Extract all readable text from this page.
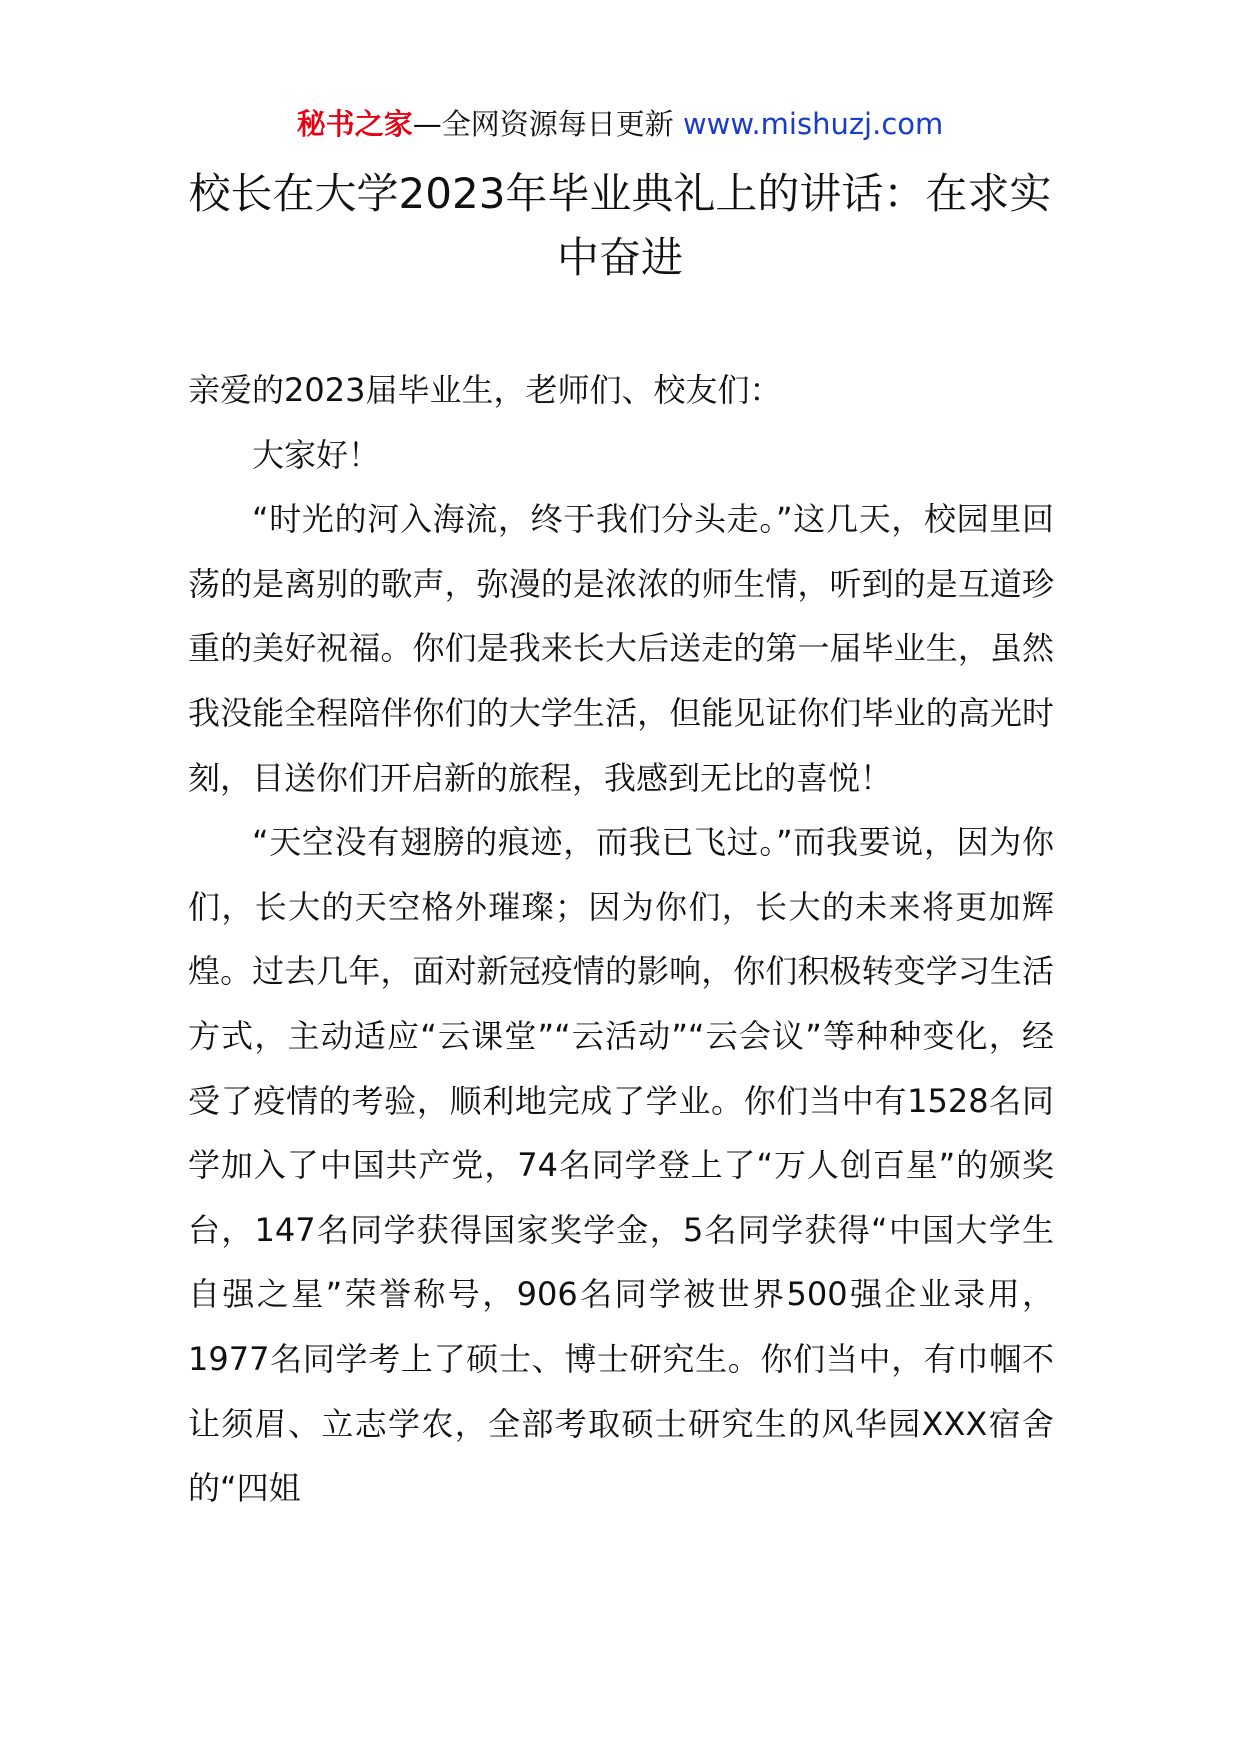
秘书之家—全网资源每日更新 www.mishuzj.com
校长在大学2023年毕业典礼上的讲话：在求实中奋进

亲爱的2023届毕业生，老师们、校友们：

大家好！

“时光的河入海流，终于我们分头走。”这几天，校园里回荡的是离别的歌声，弥漫的是浓浓的师生情，听到的是互道珍重的美好祝福。你们是我来长大后送走的第一届毕业生，虽然我没能全程陪伴你们的大学生活，但能见证你们毕业的高光时刻，目送你们开启新的旅程，我感到无比的喜悦！

“天空没有翅膀的痕迹，而我已飞过。”而我要说，因为你们，长大的天空格外璀璨；因为你们，长大的未来将更加辉煌。过去几年，面对新冠疫情的影响，你们积极转变学习生活方式，主动适应“云课堂”“云活动”“云会议”等种种变化，经受了疫情的考验，顺利地完成了学业。你们当中有1528名同学加入了中国共产党，74名同学登上了“万人创百星”的颁奖台，147名同学获得国家奖学金，5名同学获得“中国大学生自强之星”荣誉称号，906名同学被世界500强企业录用，1977名同学考上了硕士、博士研究生。你们当中，有巾帼不让须眉、立志学农，全部考取硕士研究生的风华园XXX宿舍的“四姐
